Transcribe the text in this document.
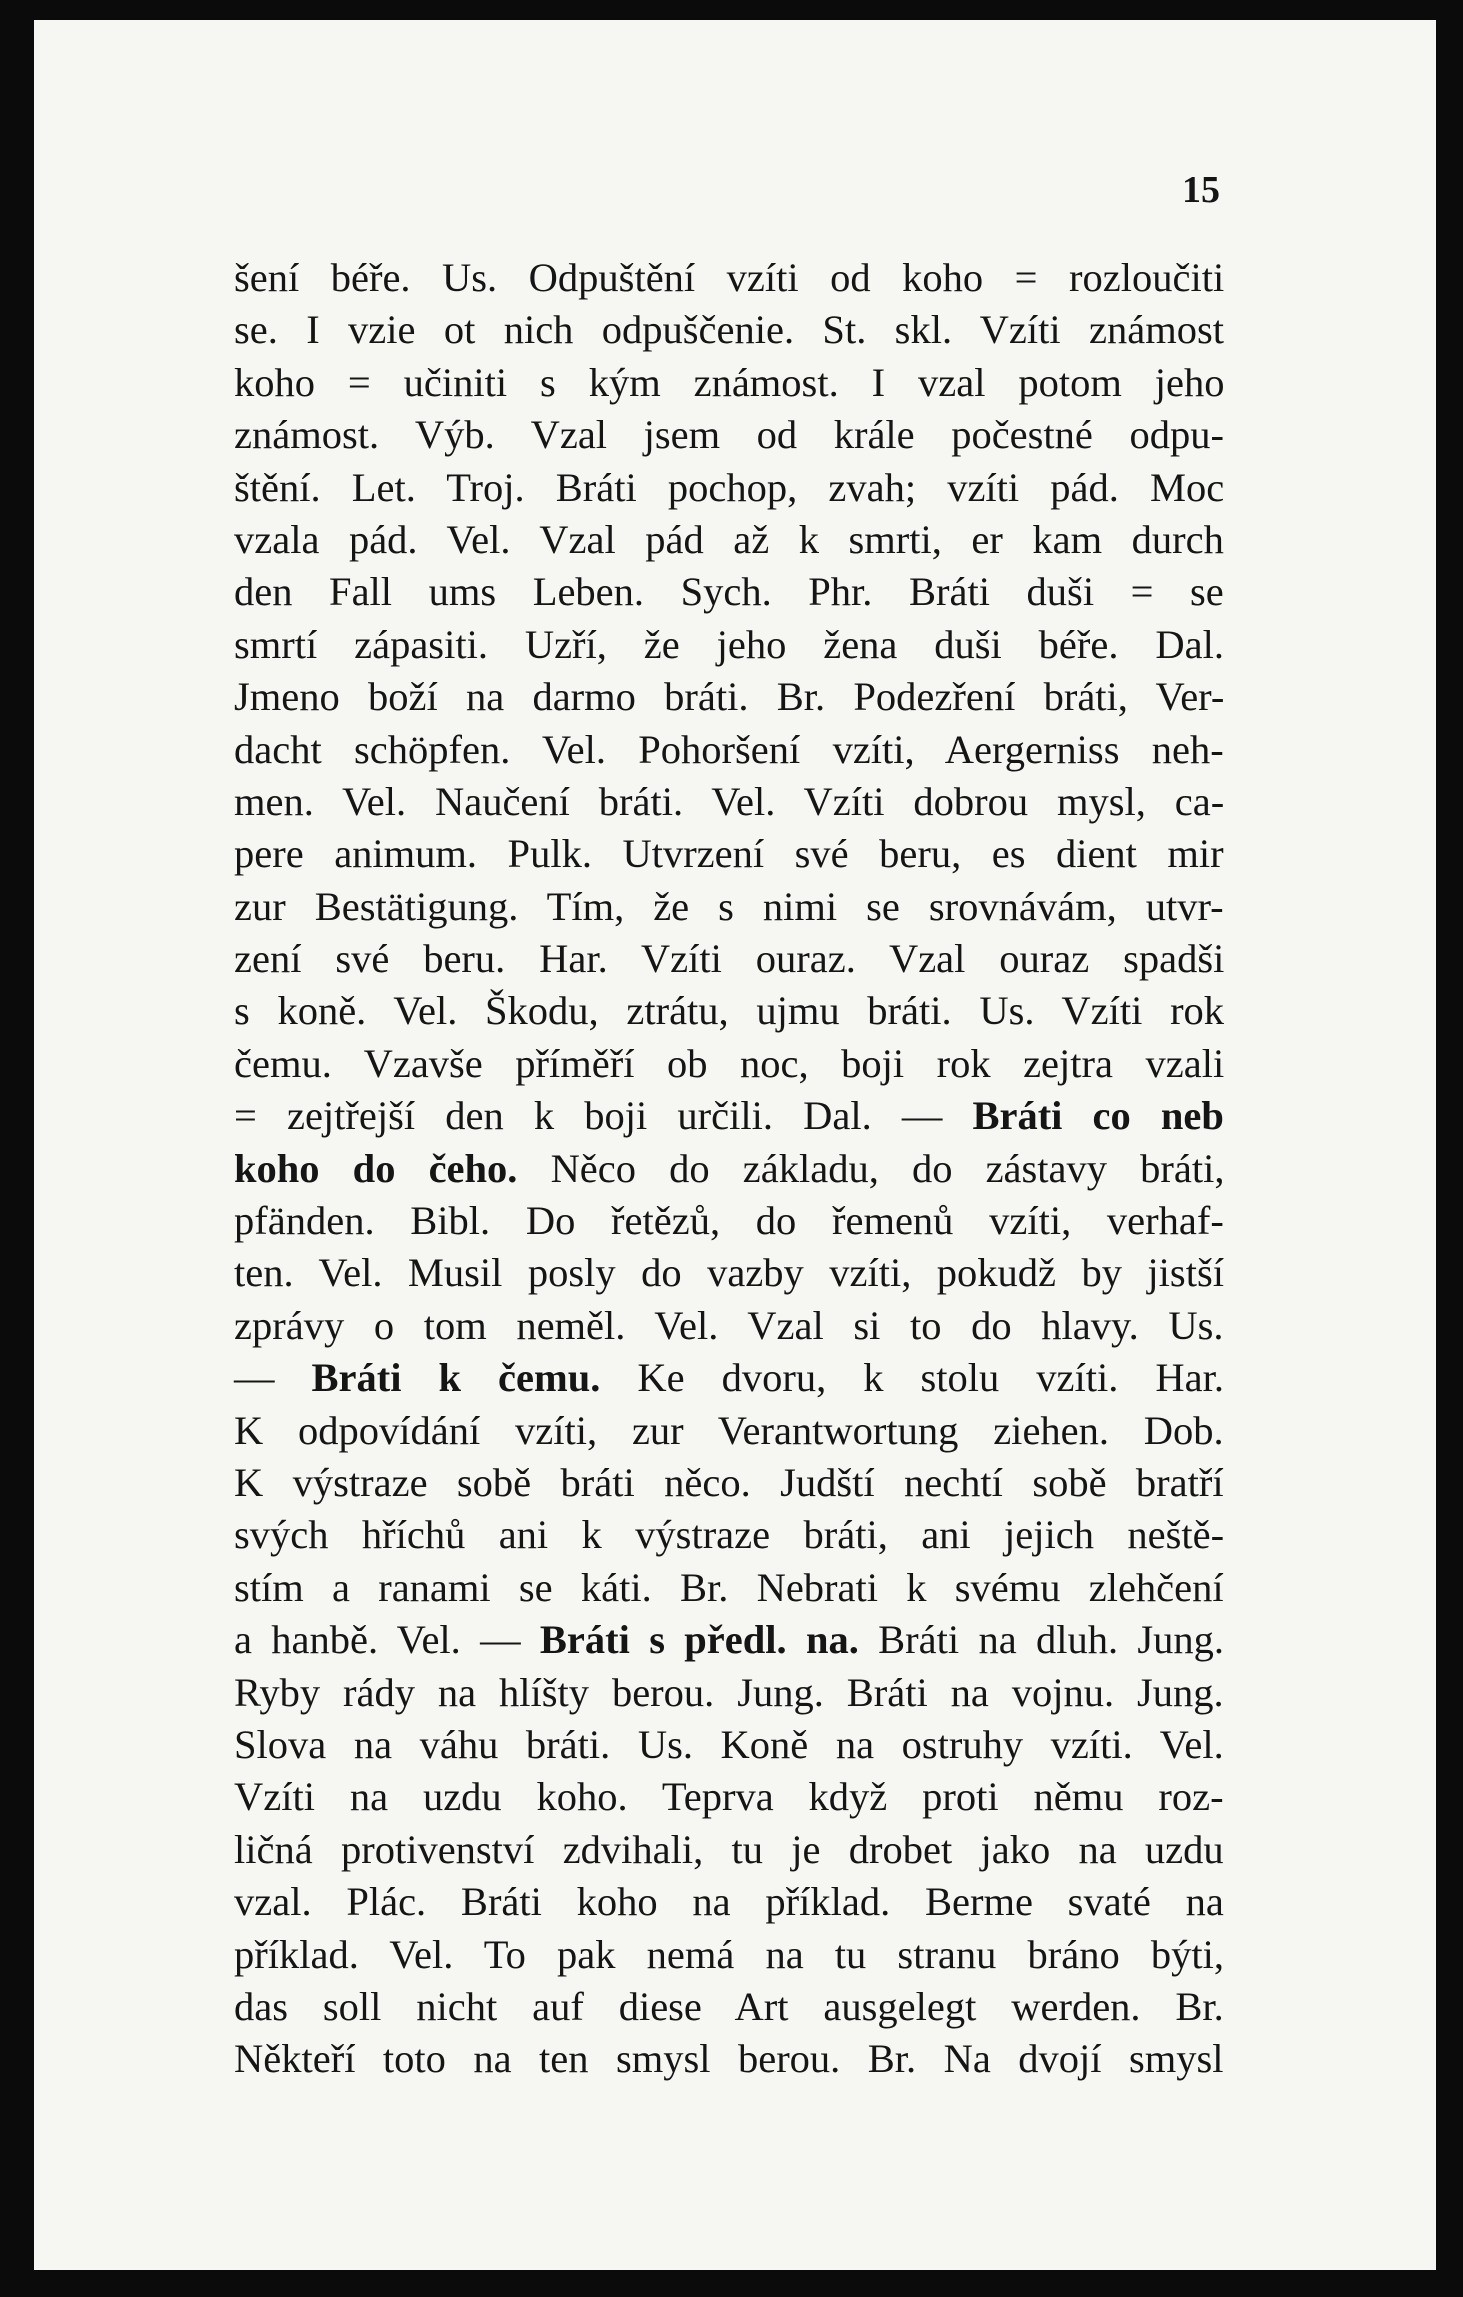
15
šení béře. Us. Odpuštění vzíti od koho = rozloučiti
se. I vzie ot nich odpuščenie. St. skl. Vzíti známost
koho = učiniti s kým známost. I vzal potom jeho
známost. Výb. Vzal jsem od krále počestné odpu-
štění. Let. Troj. Bráti pochop, zvah; vzíti pád. Moc
vzala pád. Vel. Vzal pád až k smrti, er kam durch
den Fall ums Leben. Sych. Phr. Bráti duši = se
smrtí zápasiti. Uzří, že jeho žena duši béře. Dal.
Jmeno boží na darmo bráti. Br. Podezření bráti, Ver-
dacht schöpfen. Vel. Pohoršení vzíti, Aergerniss neh-
men. Vel. Naučení bráti. Vel. Vzíti dobrou mysl, ca-
pere animum. Pulk. Utvrzení své beru, es dient mir
zur Bestätigung. Tím, že s nimi se srovnávám, utvr-
zení své beru. Har. Vzíti ouraz. Vzal ouraz spadši
s koně. Vel. Škodu, ztrátu, ujmu bráti. Us. Vzíti rok
čemu. Vzavše příměří ob noc, boji rok zejtra vzali
= zejtřejší den k boji určili. Dal. — Bráti co neb
koho do čeho. Něco do základu, do zástavy bráti,
pfänden. Bibl. Do řetězů, do řemenů vzíti, verhaf-
ten. Vel. Musil posly do vazby vzíti, pokudž by jistší
zprávy o tom neměl. Vel. Vzal si to do hlavy. Us.
— Bráti k čemu. Ke dvoru, k stolu vzíti. Har.
K odpovídání vzíti, zur Verantwortung ziehen. Dob.
K výstraze sobě bráti něco. Judští nechtí sobě bratří
svých hříchů ani k výstraze bráti, ani jejich neště-
stím a ranami se káti. Br. Nebrati k svému zlehčení
a hanbě. Vel. — Bráti s předl. na. Bráti na dluh. Jung.
Ryby rády na hlíšty berou. Jung. Bráti na vojnu. Jung.
Slova na váhu bráti. Us. Koně na ostruhy vzíti. Vel.
Vzíti na uzdu koho. Teprva když proti němu roz-
ličná protivenství zdvihali, tu je drobet jako na uzdu
vzal. Plác. Bráti koho na příklad. Berme svaté na
příklad. Vel. To pak nemá na tu stranu bráno býti,
das soll nicht auf diese Art ausgelegt werden. Br.
Někteří toto na ten smysl berou. Br. Na dvojí smysl
